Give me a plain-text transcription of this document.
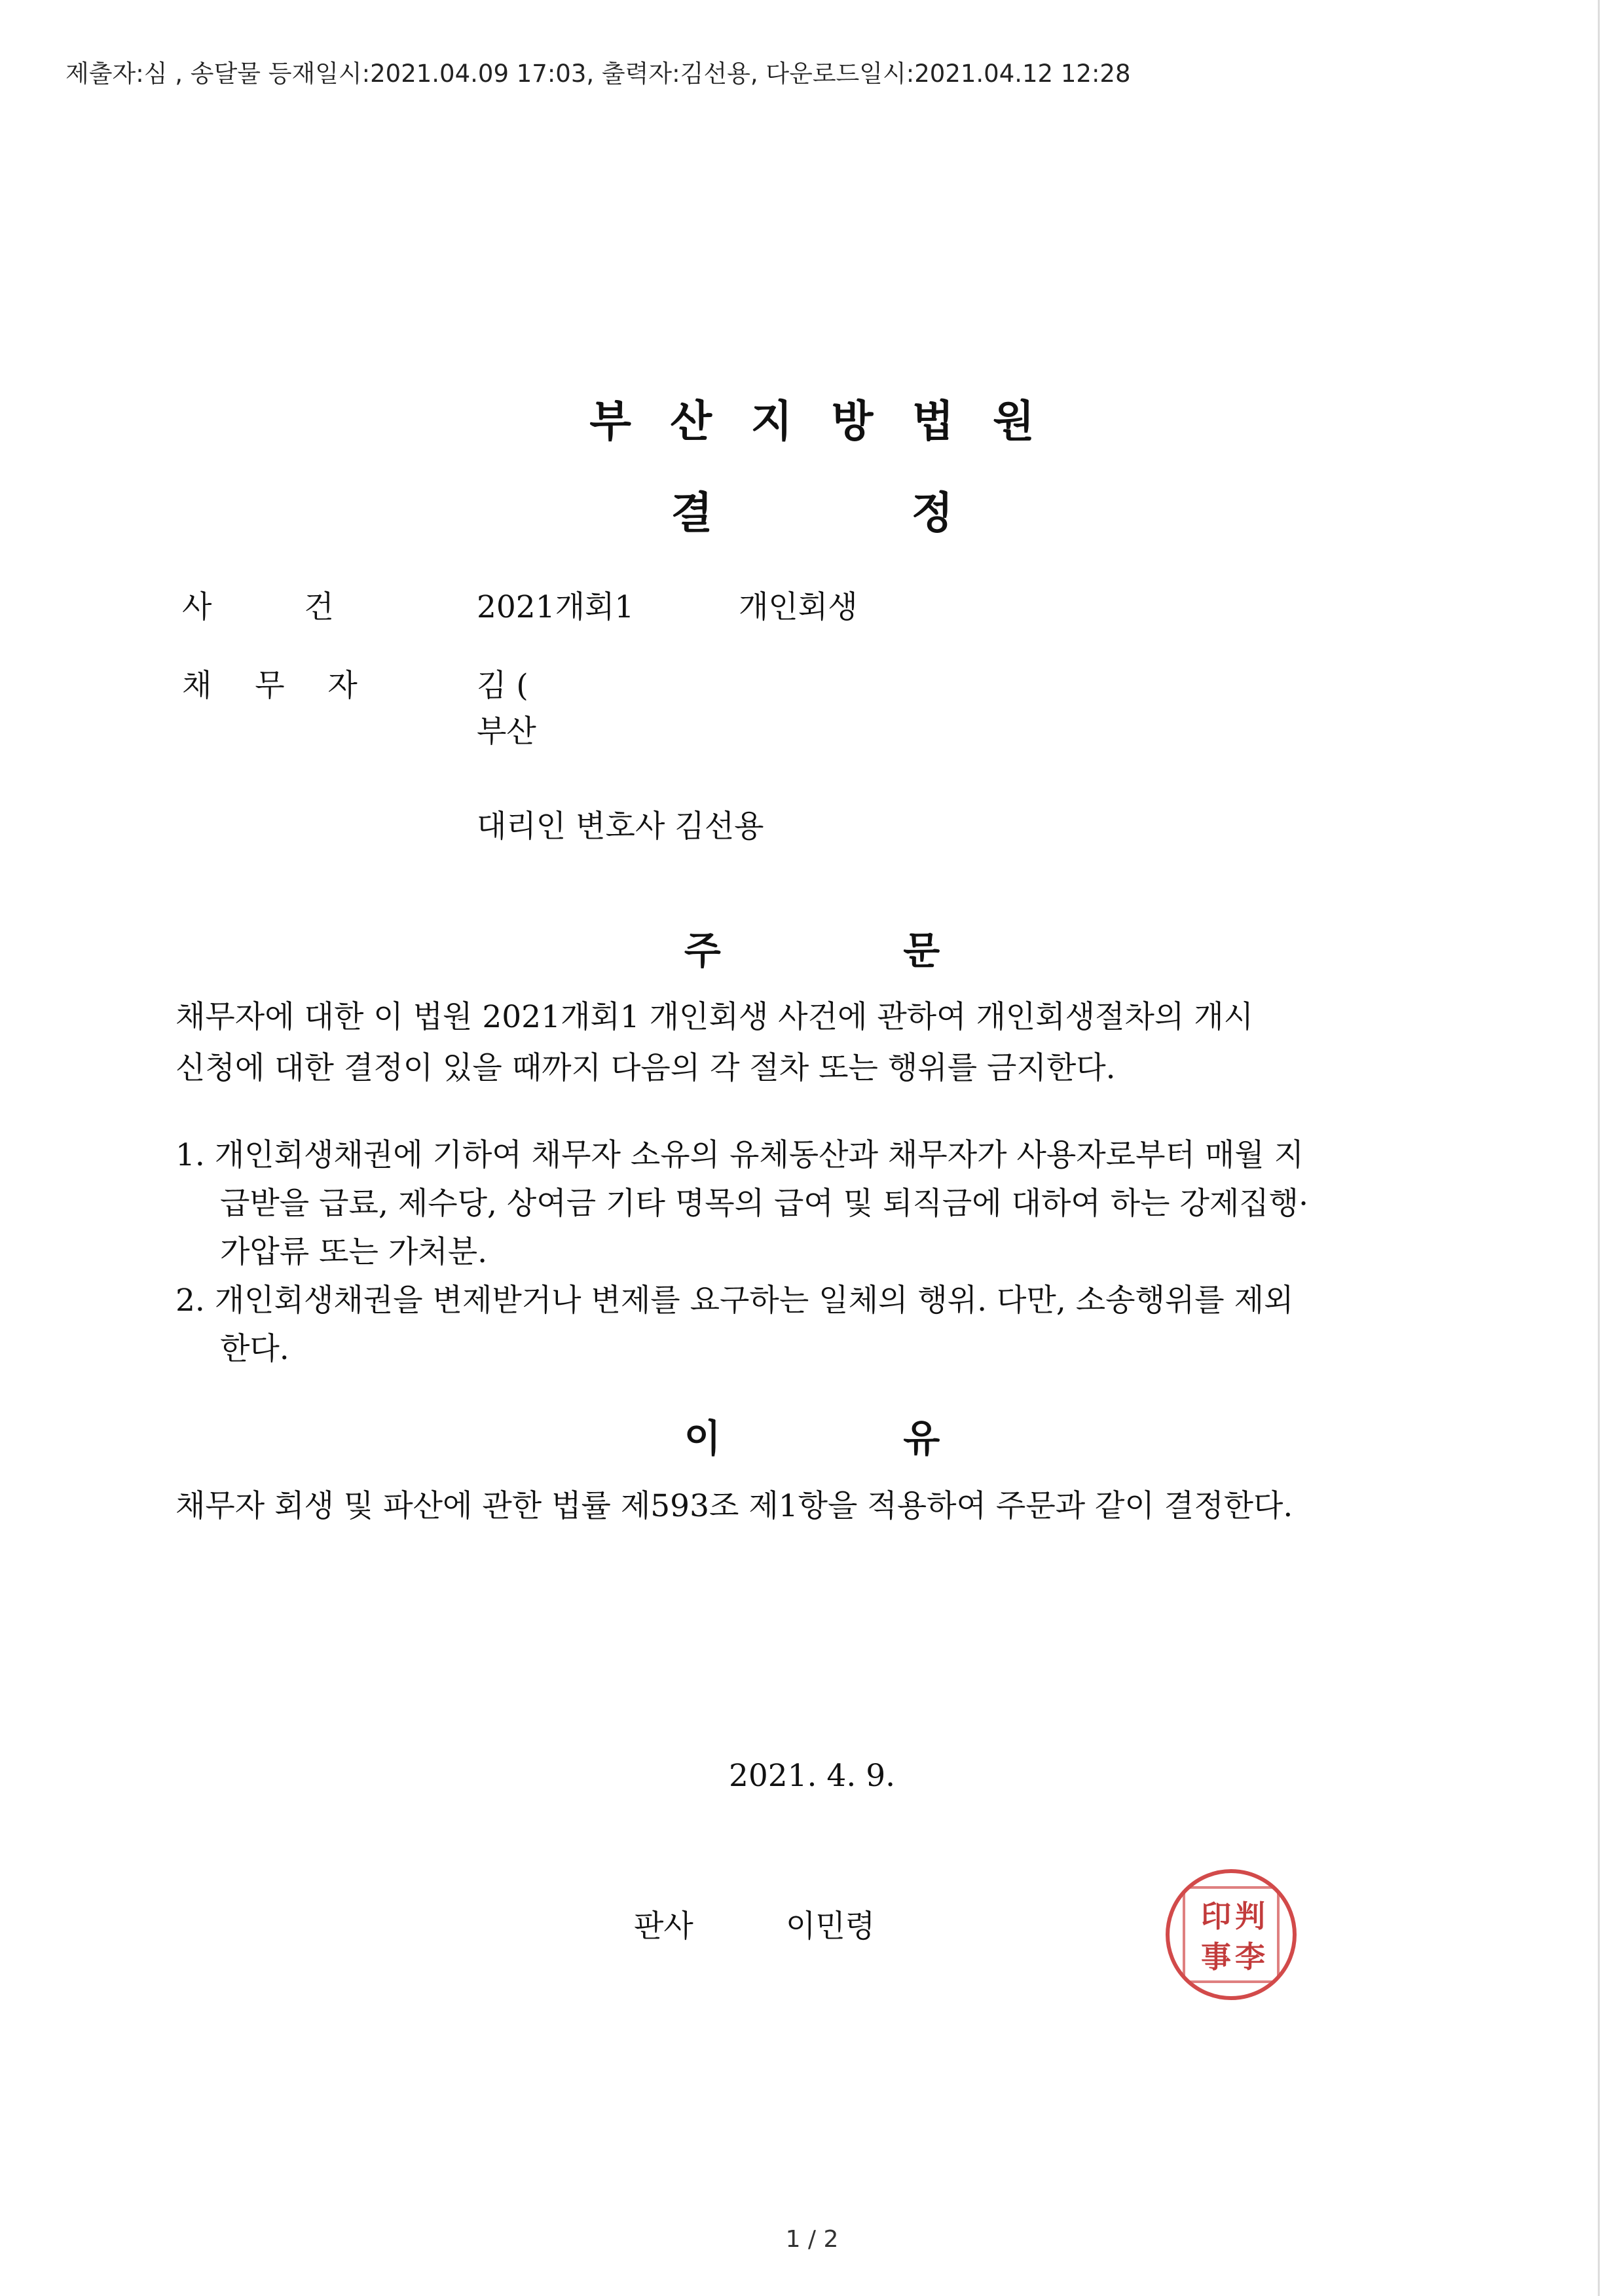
제출자:심 , 송달물 등재일시:2021.04.09 17:03, 출력자:김선용, 다운로드일시:2021.04.12 12:28
부산지방법원
결정
사건 2021개회1	개인회생
채무자 김 (
부산
대리인 변호사 김선용
주문
채무자에 대한 이 법원 2021개회1 개인회생 사건에 관하여 개인회생절차의 개시
신청에 대한 결정이 있을 때까지 다음의 각 절차 또는 행위를 금지한다.
1. 개인회생채권에 기하여 채무자 소유의 유체동산과 채무자가 사용자로부터 매월 지
급받을 급료, 제수당, 상여금 기타 명목의 급여 및 퇴직금에 대하여 하는 강제집행·
가압류 또는 가처분.
2. 개인회생채권을 변제받거나 변제를 요구하는 일체의 행위. 다만, 소송행위를 제외
한다.
이유
채무자 회생 및 파산에 관한 법률 제593조 제1항을 적용하여 주문과 같이 결정한다.
2021. 4. 9.
판사	이민령	印 判
事 李
1 / 2
